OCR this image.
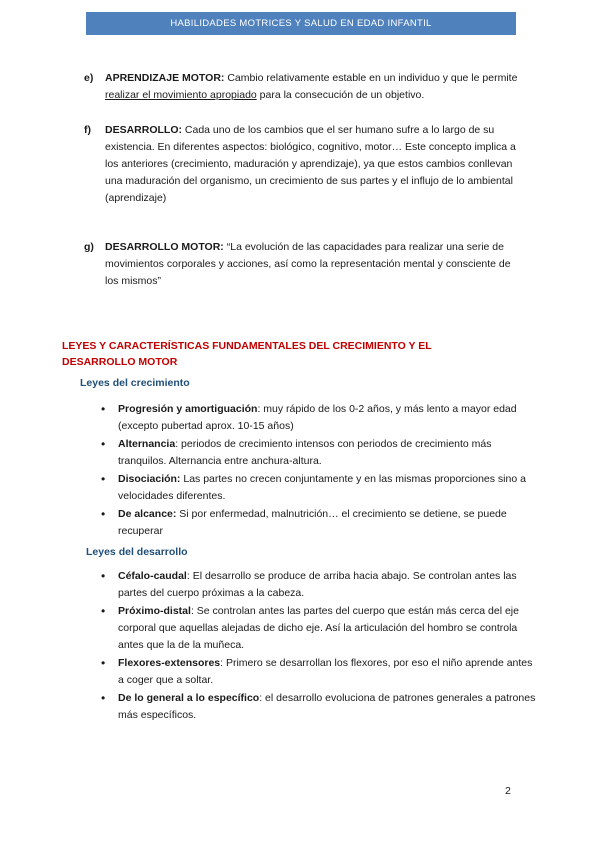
HABILIDADES MOTRICES Y SALUD EN EDAD INFANTIL
e) APRENDIZAJE MOTOR: Cambio relativamente estable en un individuo y que le permite realizar el movimiento apropiado para la consecución de un objetivo.
f) DESARROLLO: Cada uno de los cambios que el ser humano sufre a lo largo de su existencia. En diferentes aspectos: biológico, cognitivo, motor… Este concepto implica a los anteriores (crecimiento, maduración y aprendizaje), ya que estos cambios conllevan una maduración del organismo, un crecimiento de sus partes y el influjo de lo ambiental (aprendizaje)
g) DESARROLLO MOTOR: “La evolución de las capacidades para realizar una serie de movimientos corporales y acciones, así como la representación mental y consciente de los mismos”
LEYES Y CARACTERÍSTICAS FUNDAMENTALES DEL CRECIMIENTO Y EL DESARROLLO MOTOR
Leyes del crecimiento
• Progresión y amortiguación: muy rápido de los 0-2 años, y más lento a mayor edad (excepto pubertad aprox. 10-15 años)
• Alternancia: periodos de crecimiento intensos con periodos de crecimiento más tranquilos. Alternancia entre anchura-altura.
• Disociación: Las partes no crecen conjuntamente y en las mismas proporciones sino a velocidades diferentes.
• De alcance: Si por enfermedad, malnutrición… el crecimiento se detiene, se puede recuperar
Leyes del desarrollo
• Céfalo-caudal: El desarrollo se produce de arriba hacia abajo. Se controlan antes las partes del cuerpo próximas a la cabeza.
• Próximo-distal: Se controlan antes las partes del cuerpo que están más cerca del eje corporal que aquellas alejadas de dicho eje. Así la articulación del hombro se controla antes que la de la muñeca.
• Flexores-extensores: Primero se desarrollan los flexores, por eso el niño aprende antes a coger que a soltar.
• De lo general a lo específico: el desarrollo evoluciona de patrones generales a patrones más específicos.
2
